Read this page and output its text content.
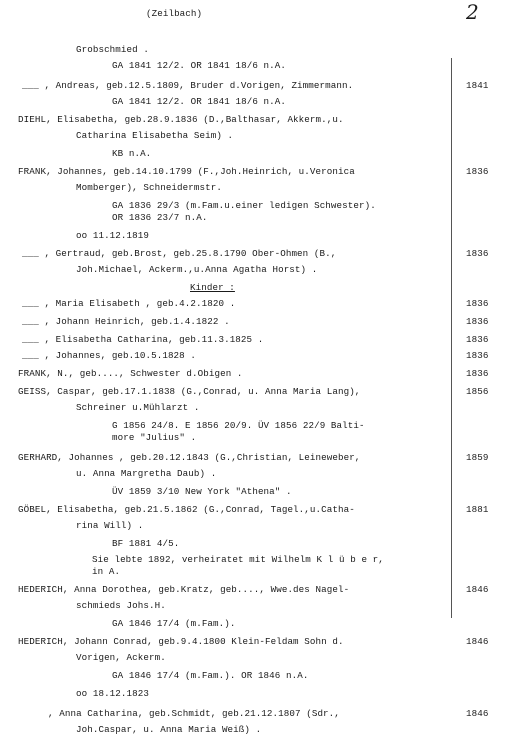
(Zeilbach)	2
Grobschmied .
GA 1841 12/2. OR 1841 18/6 n.A.
___ , Andreas, geb.12.5.1809, Bruder d.Vorigen, Zimmermann.	1841
GA 1841 12/2. OR 1841 18/6 n.A.
DIEHL, Elisabetha, geb.28.9.1836 (D.,Balthasar, Akkerm.,u.
Catharina Elisabetha Seim) .
KB n.A.
FRANK, Johannes, geb.14.10.1799 (F.,Joh.Heinrich, u.Veronica	1836
Momberger), Schneidermstr.
GA 1836 29/3 (m.Fam.u.einer ledigen Schwester).
OR 1836 23/7 n.A.
oo 11.12.1819
___ , Gertraud, geb.Brost, geb.25.8.1790 Ober-Ohmen (B.,	1836
Joh.Michael, Ackerm.,u.Anna Agatha Horst) .
Kinder :
___ , Maria Elisabeth , geb.4.2.1820 .	1836
___ , Johann Heinrich, geb.1.4.1822 .	1836
___ , Elisabetha Catharina, geb.11.3.1825 .	1836
___ , Johannes, geb.10.5.1828 .	1836
FRANK, N., geb...., Schwester d.Obigen .	1836
GEISS, Caspar, geb.17.1.1838 (G.,Conrad, u. Anna Maria Lang),	1856
Schreiner u.Mühlarzt .
G 1856 24/8. E 1856 20/9. ÜV 1856 22/9 Balti-
more "Julius" .
GERHARD, Johannes , geb.20.12.1843 (G.,Christian, Leineweber,	1859
u. Anna Margretha Daub) .
ÜV 1859 3/10 New York "Athena" .
GÖBEL, Elisabetha, geb.21.5.1862 (G.,Conrad, Tagel.,u.Catha-	1881
rina Will) .
BF 1881 4/5.
Sie lebte 1892, verheiratet mit Wilhelm K l ü b e r,
in A.
HEDERICH, Anna Dorothea, geb.Kratz, geb...., Wwe.des Nagel-	1846
schmieds Johs.H.
GA 1846 17/4 (m.Fam.).
HEDERICH, Johann Conrad, geb.9.4.1800 Klein-Feldam Sohn d.	1846
Vorigen, Ackerm.
GA 1846 17/4 (m.Fam.). OR 1846 n.A.
oo 18.12.1823
, Anna Catharina, geb.Schmidt, geb.21.12.1807 (Sdr.,	1846
Joh.Caspar, u. Anna Maria Weiß) .
